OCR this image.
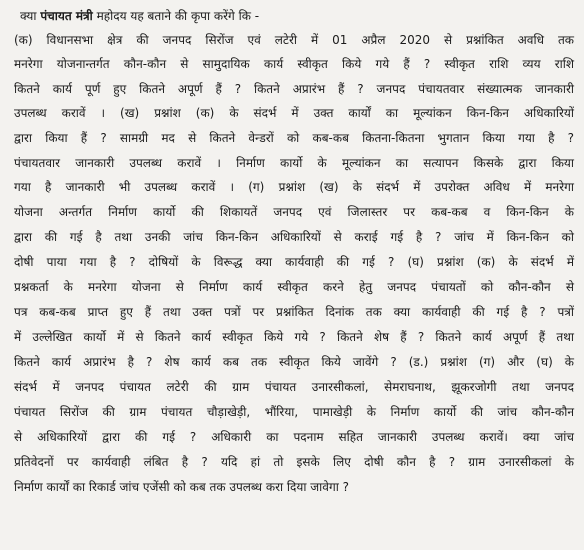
क्या पंचायत मंत्री महोदय यह बताने की कृपा करेंगे कि -
(क) विधानसभा क्षेत्र की जनपद सिरोंज एवं लटेरी में 01 अप्रैल 2020 से प्रश्नांकित अवधि तक
मनरेगा योजनान्तर्गत कौन-कौन से सामुदायिक कार्य स्वीकृत किये गये हैं ? स्वीकृत राशि व्यय राशि
कितने कार्य पूर्ण हुए कितने अपूर्ण हैं ? कितने अप्रारंभ हैं ? जनपद पंचायतवार संख्यात्मक जानकारी
उपलब्ध करावें । (ख) प्रश्नांश (क) के संदर्भ में उक्त कार्यों का मूल्यांकन किन-किन अधिकारियों
द्वारा किया हैं ? सामग्री मद से कितने वेन्डरों को कब-कब कितना-कितना भुगतान किया गया है ?
पंचायतवार जानकारी उपलब्ध करावें । निर्माण कार्यो के मूल्यांकन का सत्यापन किसके द्वारा किया
गया है जानकारी भी उपलब्ध करावें । (ग) प्रश्नांश (ख) के संदर्भ में उपरोक्त अविध में मनरेगा
योजना अन्तर्गत निर्माण कार्यो की शिकायतें जनपद एवं जिलास्तर पर कब-कब व किन-किन के
द्वारा की गई है तथा उनकी जांच किन-किन अधिकारियों से कराई गई है ? जांच में किन-किन को
दोषी पाया गया है ? दोषियों के विरूद्ध क्या कार्यवाही की गई ? (घ) प्रश्नांश (क) के संदर्भ में
प्रश्नकर्ता के मनरेगा योजना से निर्माण कार्य स्वीकृत करने हेतु जनपद पंचायतों को कौन-कौन से
पत्र कब-कब प्राप्त हुए हैं तथा उक्त पत्रों पर प्रश्नांकित दिनांक तक क्या कार्यवाही की गई है ? पत्रों
में उल्लेखित कार्यो में से कितने कार्य स्वीकृत किये गये ? कितने शेष हैं ? कितने कार्य अपूर्ण हैं तथा
कितने कार्य अप्रारंभ है ? शेष कार्य कब तक स्वीकृत किये जावेंगे ? (ड.) प्रश्नांश (ग) और (घ) के
संदर्भ में जनपद पंचायत लटेरी की ग्राम पंचायत उनारसीकलां, सेमराघनाथ, झूकरजोगी तथा जनपद
पंचायत सिरोंज की ग्राम पंचायत चौड़ाखेड़ी, भौंरिया, पामाखेड़ी के निर्माण कार्यो की जांच कौन-कौन
से अधिकारियों द्वारा की गई ? अधिकारी का पदनाम सहित जानकारी उपलब्ध करावें। क्या जांच
प्रतिवेदनों पर कार्यवाही लंबित है ? यदि हां तो इसके लिए दोषी कौन है ? ग्राम उनारसीकलां के
निर्माण कार्यों का रिकार्ड जांच एजेंसी को कब तक उपलब्ध करा दिया जावेगा ?
